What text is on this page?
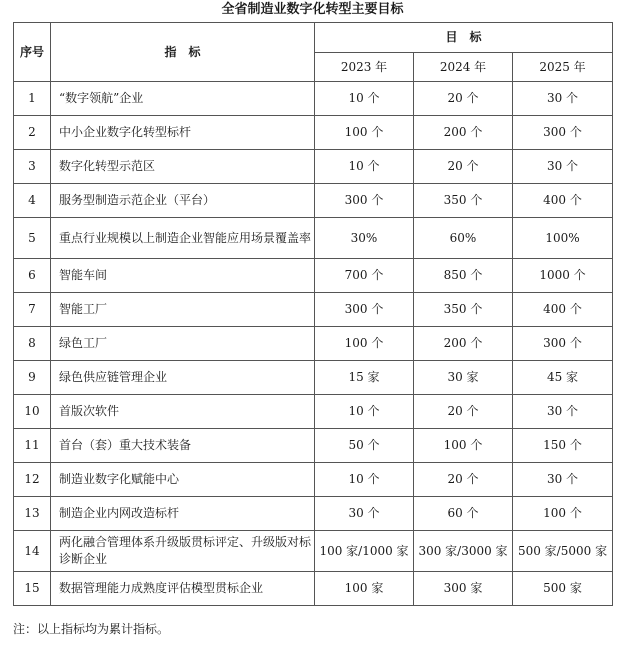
全省制造业数字化转型主要目标
序号	指　标	目　标		
		2023 年	2024 年	2025 年
1	“数字领航”企业	10 个	20 个	30 个
2	中小企业数字化转型标杆	100 个	200 个	300 个
3	数字化转型示范区	10 个	20 个	30 个
4	服务型制造示范企业（平台）	300 个	350 个	400 个
5	重点行业规模以上制造企业智能应用场景覆盖率	30%	60%	100%
6	智能车间	700 个	850 个	1000 个
7	智能工厂	300 个	350 个	400 个
8	绿色工厂	100 个	200 个	300 个
9	绿色供应链管理企业	15 家	30 家	45 家
10	首版次软件	10 个	20 个	30 个
11	首台（套）重大技术装备	50 个	100 个	150 个
12	制造业数字化赋能中心	10 个	20 个	30 个
13	制造企业内网改造标杆	30 个	60 个	100 个
14	两化融合管理体系升级版贯标评定、升级版对标诊断企业	100 家/1000 家	300 家/3000 家	500 家/5000 家
15	数据管理能力成熟度评估模型贯标企业	100 家	300 家	500 家
注：以上指标均为累计指标。
